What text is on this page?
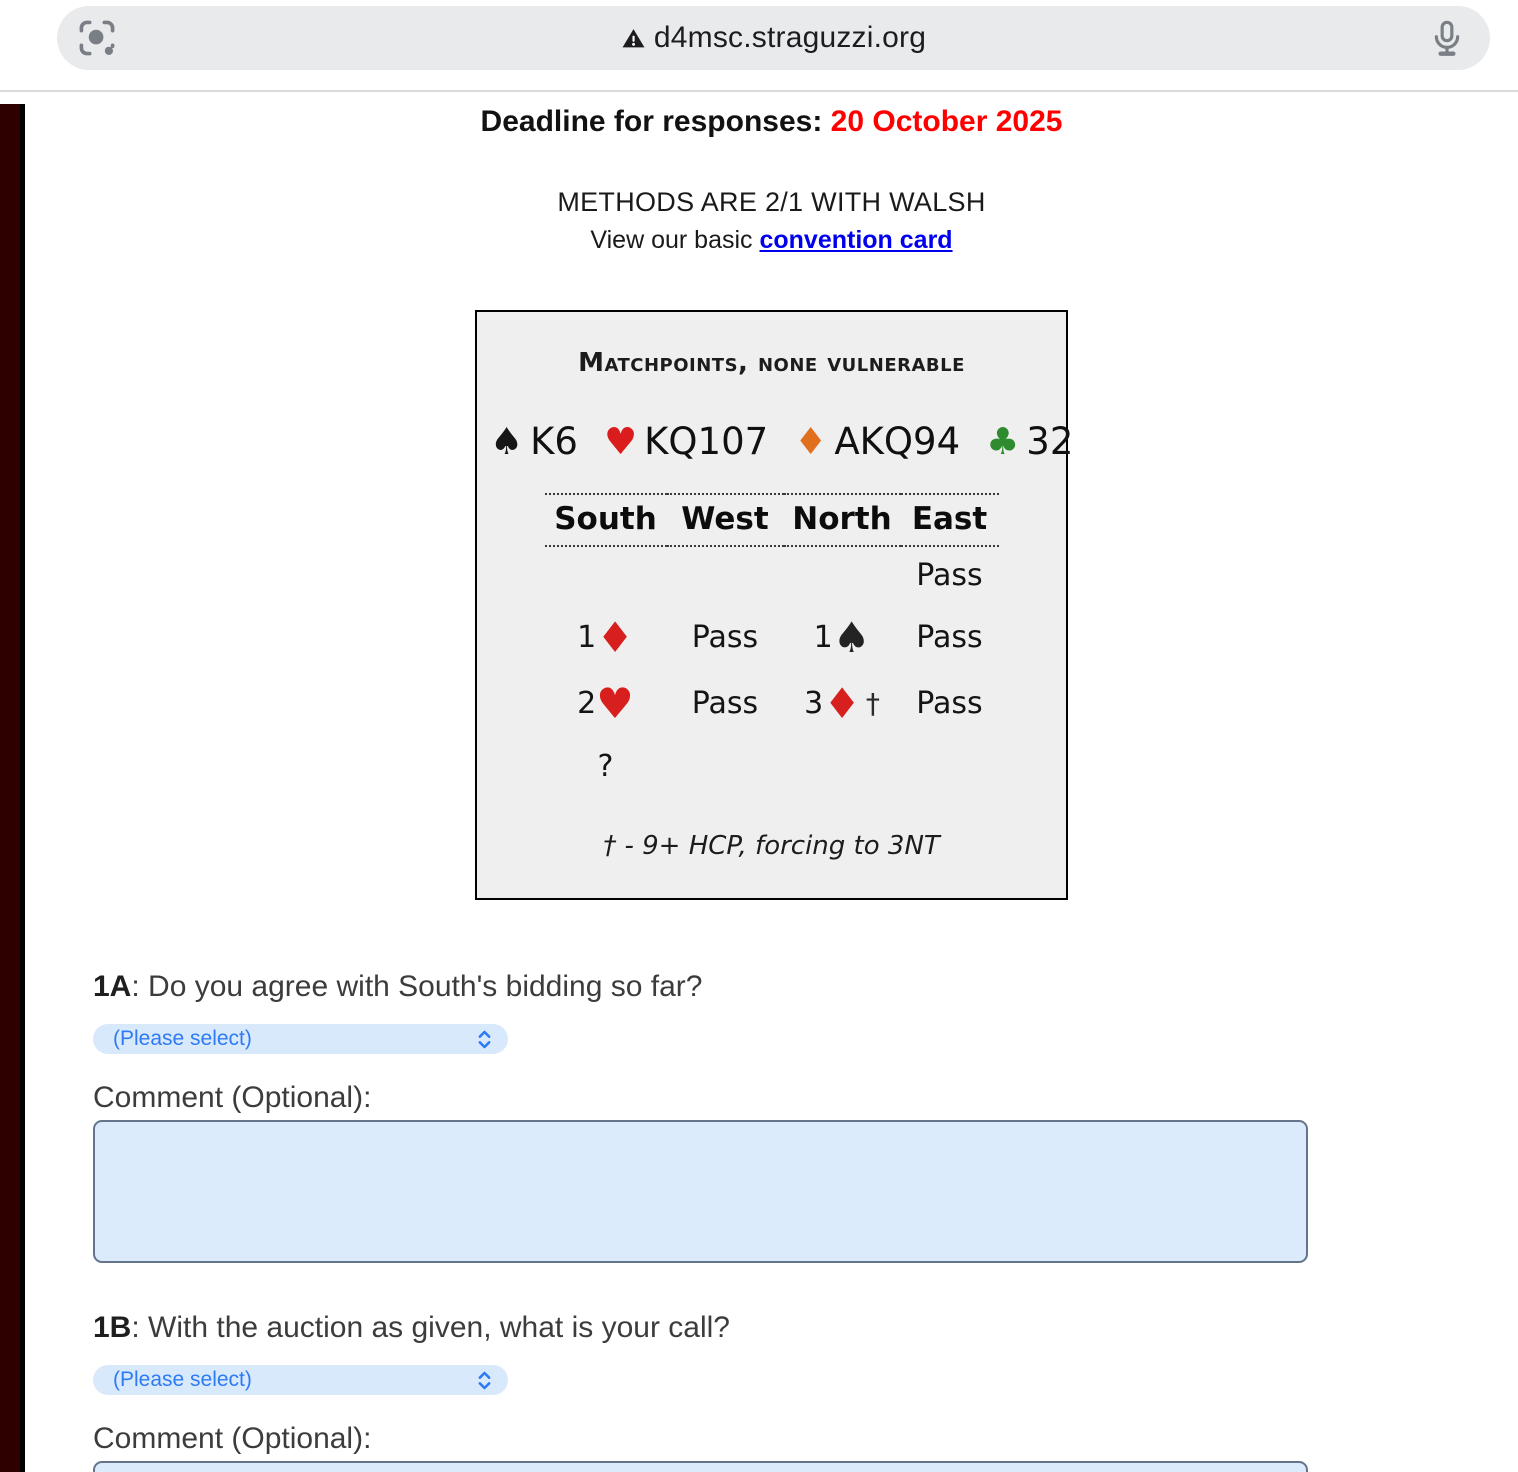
d4msc.straguzzi.org
Deadline for responses: 20 October 2025
METHODS ARE 2/1 WITH WALSH
View our basic convention card
Matchpoints, none vulnerable
♠ K6 ♥ KQ107 ♦ AKQ94 ♣ 32
South	West	North	East
			Pass
1♦	Pass	1♠	Pass
2♥	Pass	3♦ †	Pass
?			
† - 9+ HCP, forcing to 3NT
1A: Do you agree with South's bidding so far?
(Please select)
Comment (Optional):
1B: With the auction as given, what is your call?
(Please select)
Comment (Optional):
